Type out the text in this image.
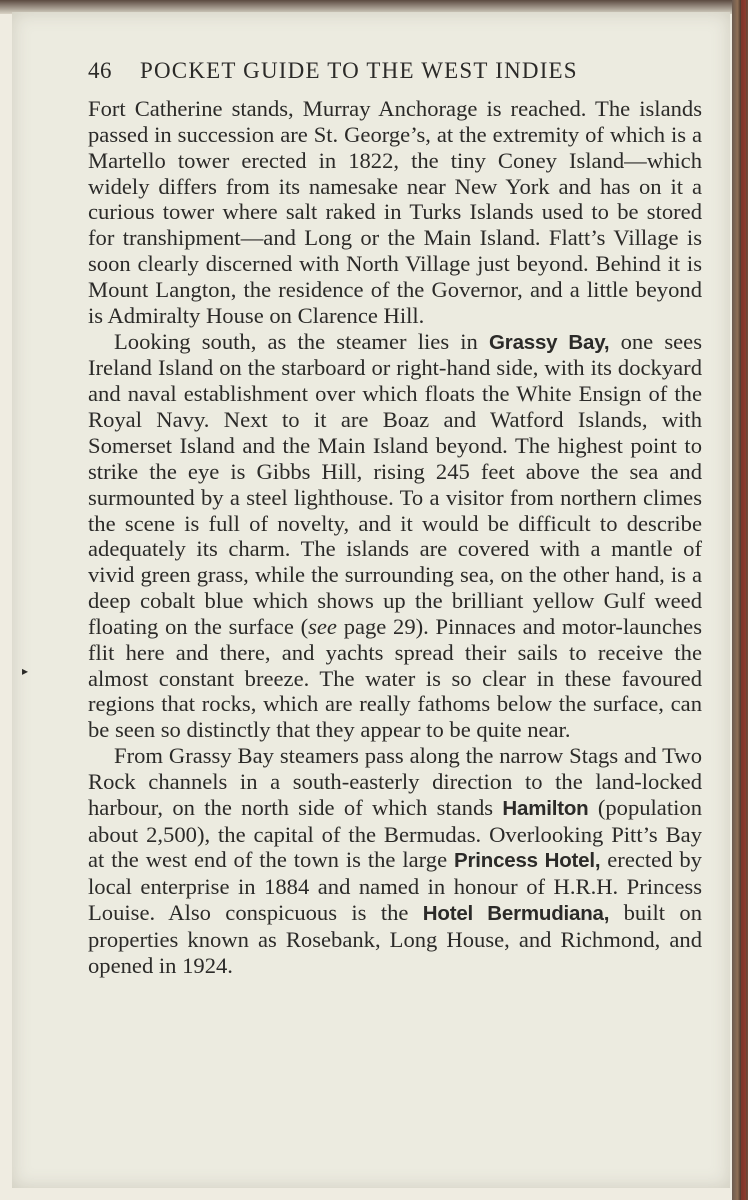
46 POCKET GUIDE TO THE WEST INDIES
▸

Fort Catherine stands, Murray Anchorage is reached. The islands passed in succession are St. George’s, at the extremity of which is a Martello tower erected in 1822, the tiny Coney Island—which widely differs from its namesake near New York and has on it a curious tower where salt raked in Turks Islands used to be stored for transhipment—and Long or the Main Island. Flatt’s Village is soon clearly discerned with North Village just beyond. Behind it is Mount Langton, the residence of the Governor, and a little beyond is Admiralty House on Clarence Hill.

Looking south, as the steamer lies in Grassy Bay, one sees Ireland Island on the starboard or right-hand side, with its dockyard and naval establishment over which floats the White Ensign of the Royal Navy. Next to it are Boaz and Watford Islands, with Somerset Island and the Main Island beyond. The highest point to strike the eye is Gibbs Hill, rising 245 feet above the sea and surmounted by a steel lighthouse. To a visitor from northern climes the scene is full of novelty, and it would be difficult to describe adequately its charm. The islands are covered with a mantle of vivid green grass, while the surrounding sea, on the other hand, is a deep cobalt blue which shows up the brilliant yellow Gulf weed floating on the surface (see page 29). Pinnaces and motor-launches flit here and there, and yachts spread their sails to receive the almost constant breeze. The water is so clear in these favoured regions that rocks, which are really fathoms below the surface, can be seen so distinctly that they appear to be quite near.

From Grassy Bay steamers pass along the narrow Stags and Two Rock channels in a south-easterly direction to the land-locked harbour, on the north side of which stands Hamilton (population about 2,500), the capital of the Bermudas. Overlooking Pitt’s Bay at the west end of the town is the large Princess Hotel, erected by local enterprise in 1884 and named in honour of H.R.H. Princess Louise. Also conspicuous is the Hotel Bermudiana, built on properties known as Rosebank, Long House, and Richmond, and opened in 1924.
